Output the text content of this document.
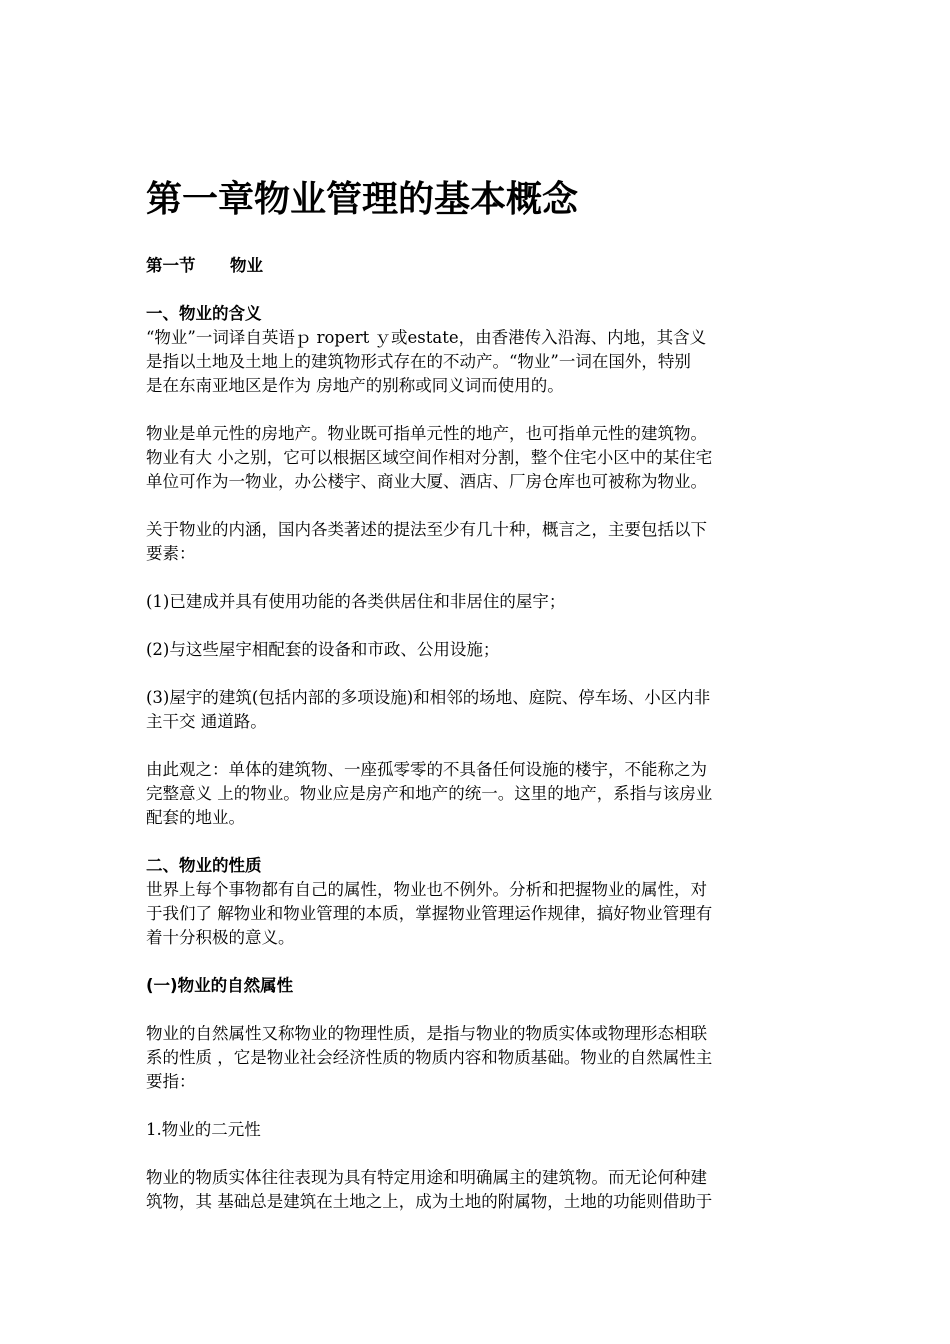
第一章物业管理的基本概念
第一节      物业
一、物业的含义
“物业”一词译自英语ｐ ropert ｙ或estate，由香港传入沿海、内地，其含义
是指以土地及土地上的建筑物形式存在的不动产。“物业”一词在国外，特别
是在东南亚地区是作为 房地产的别称或同义词而使用的。
物业是单元性的房地产。物业既可指单元性的地产，也可指单元性的建筑物。
物业有大 小之别，它可以根据区域空间作相对分割，整个住宅小区中的某住宅
单位可作为一物业，办公楼宇、商业大厦、酒店、厂房仓库也可被称为物业。
关于物业的内涵，国内各类著述的提法至少有几十种，概言之，主要包括以下
要素：
(1)已建成并具有使用功能的各类供居住和非居住的屋宇；
(2)与这些屋宇相配套的设备和市政、公用设施；
(3)屋宇的建筑(包括内部的多项设施)和相邻的场地、庭院、停车场、小区内非
主干交 通道路。
由此观之：单体的建筑物、一座孤零零的不具备任何设施的楼宇，不能称之为
完整意义 上的物业。物业应是房产和地产的统一。这里的地产，系指与该房业
配套的地业。
二、物业的性质
世界上每个事物都有自己的属性，物业也不例外。分析和把握物业的属性，对
于我们了 解物业和物业管理的本质，掌握物业管理运作规律，搞好物业管理有
着十分积极的意义。
(一)物业的自然属性
物业的自然属性又称物业的物理性质，是指与物业的物质实体或物理形态相联
系的性质 ，它是物业社会经济性质的物质内容和物质基础。物业的自然属性主
要指：
1.物业的二元性
物业的物质实体往往表现为具有特定用途和明确属主的建筑物。而无论何种建
筑物，其 基础总是建筑在土地之上，成为土地的附属物，土地的功能则借助于
